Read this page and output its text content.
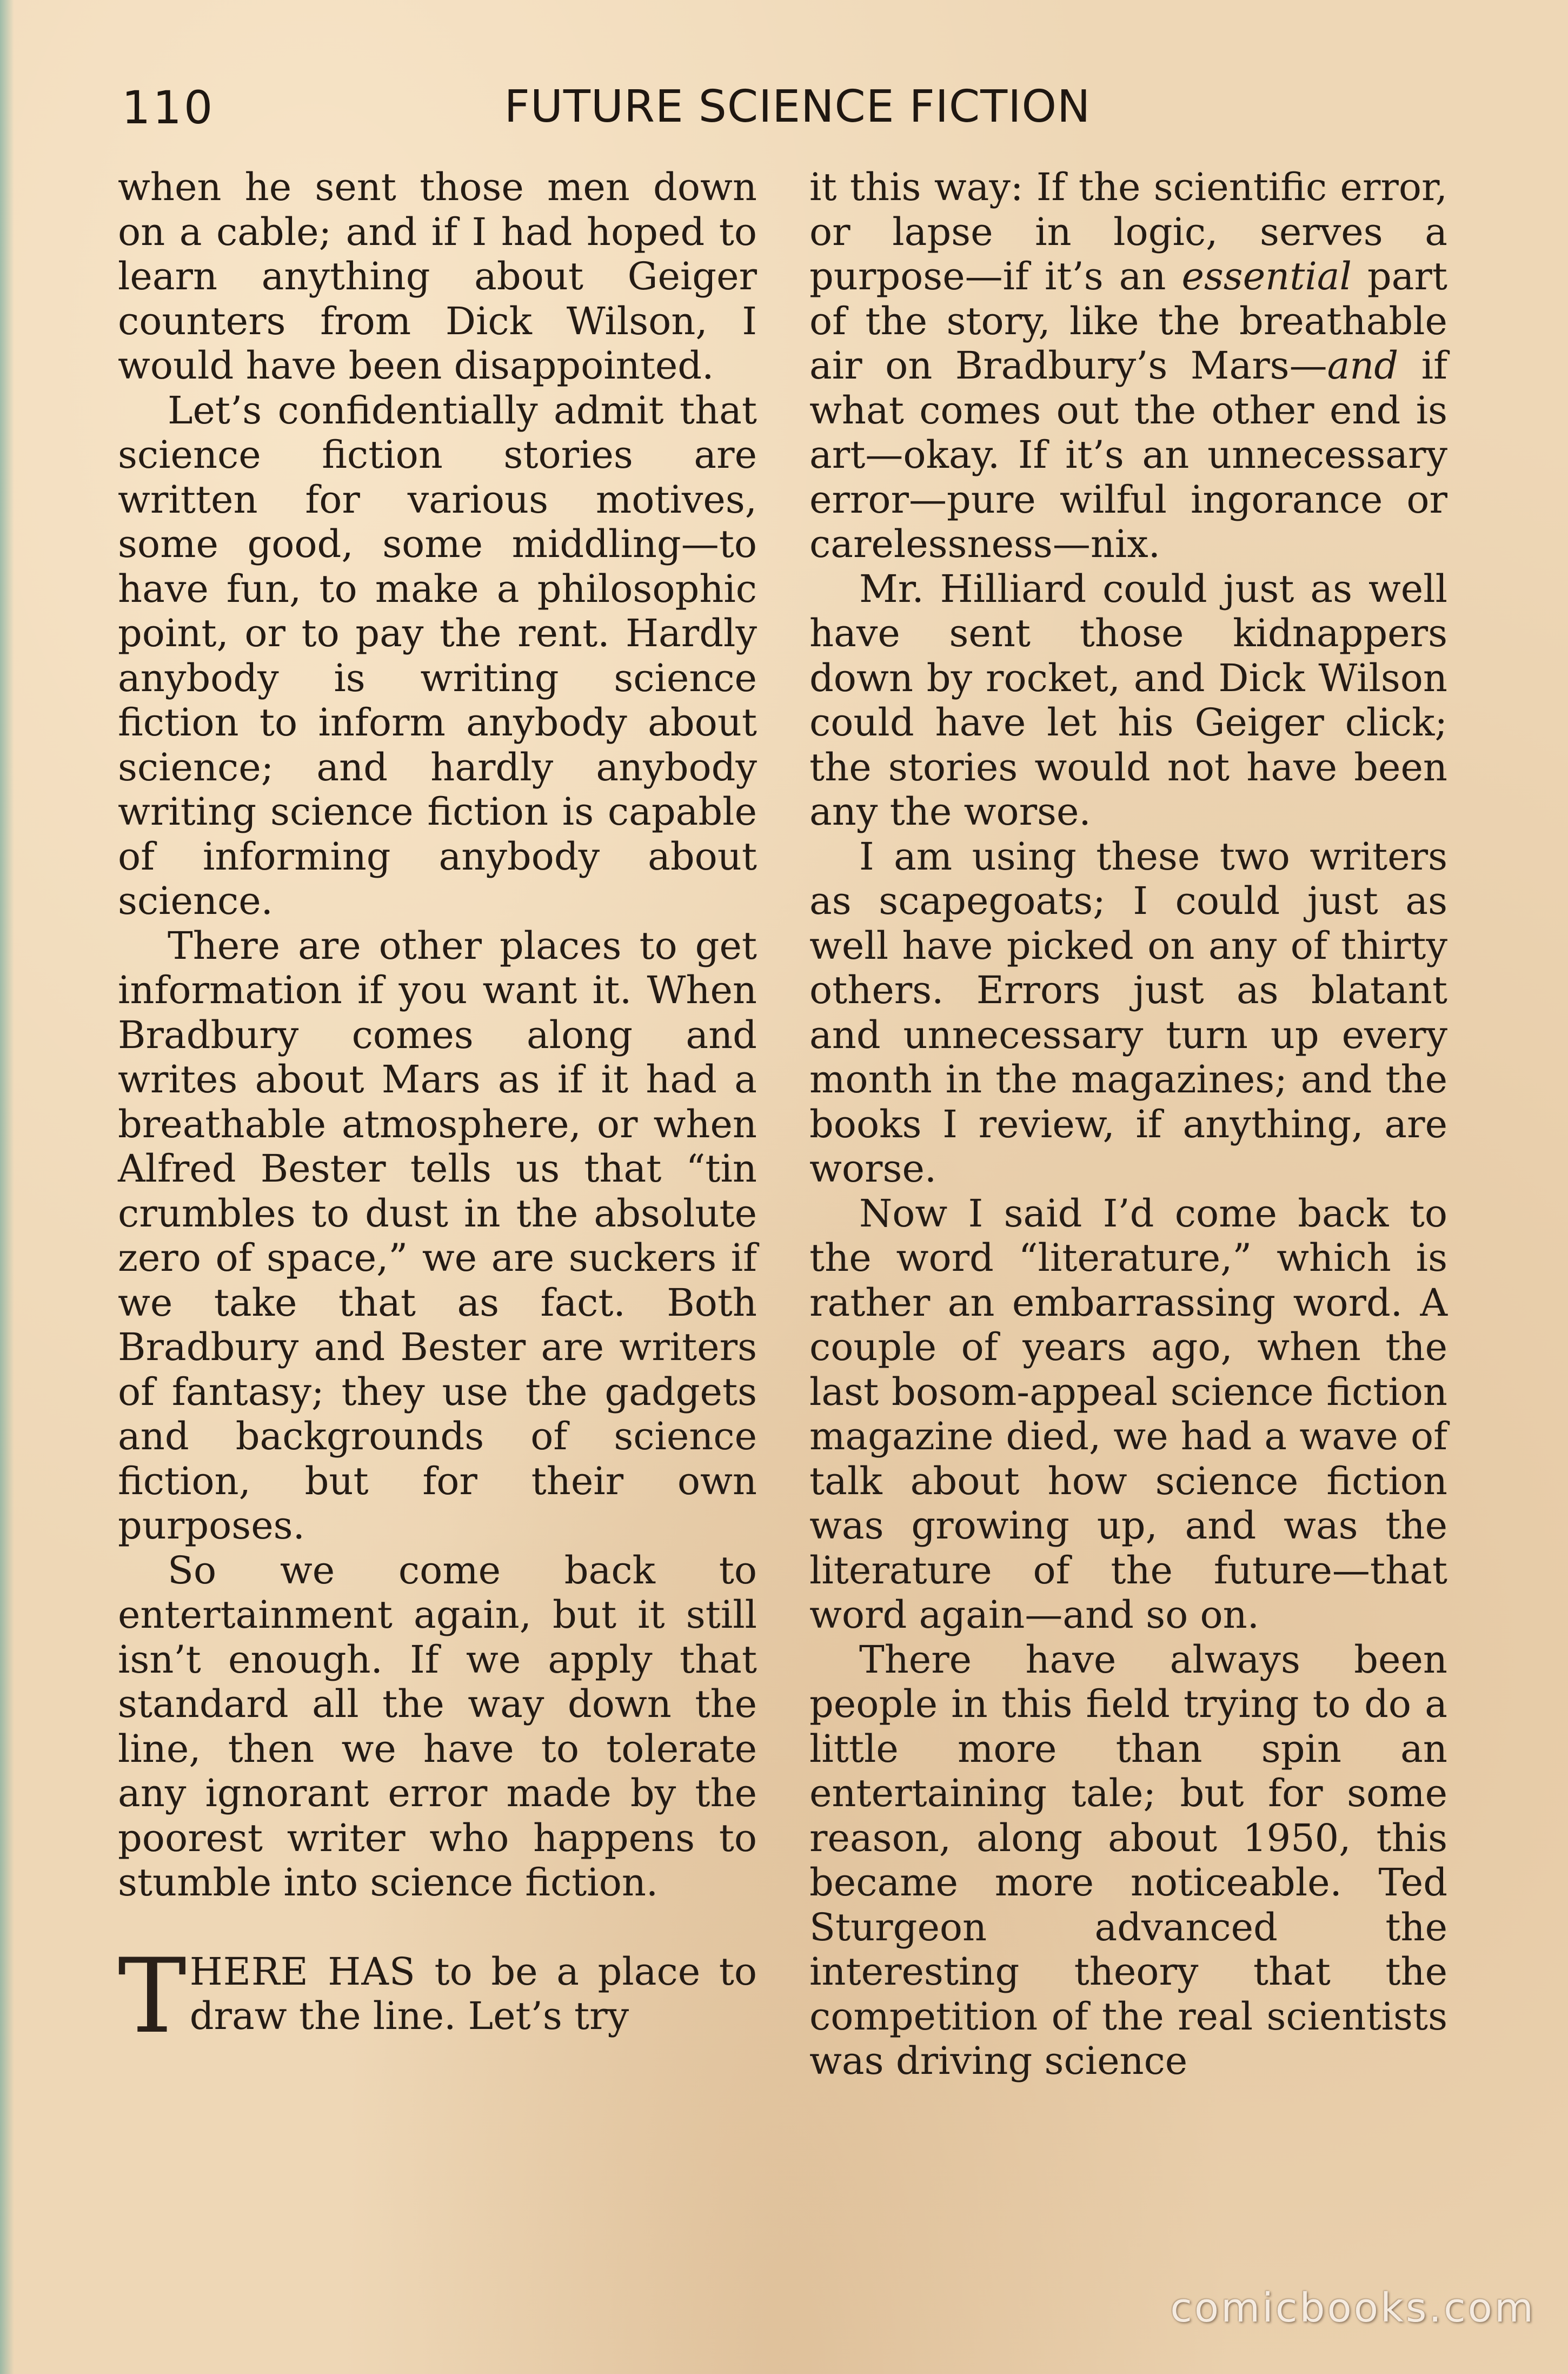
110	FUTURE SCIENCE FICTION

when he sent those men down on a cable; and if I had hoped to learn anything about Geiger counters from Dick Wilson, I would have been disappointed.

Let’s confidentially admit that science fiction stories are written for various motives, some good, some middling—to have fun, to make a philosophic point, or to pay the rent. Hardly anybody is writing science fiction to inform anybody about science; and hardly anybody writing science fiction is capable of informing anybody about science.

There are other places to get information if you want it. When Bradbury comes along and writes about Mars as if it had a breathable atmosphere, or when Alfred Bester tells us that “tin crumbles to dust in the absolute zero of space,” we are suckers if we take that as fact. Both Bradbury and Bester are writers of fantasy; they use the gadgets and backgrounds of science fiction, but for their own purposes.

So we come back to entertainment again, but it still isn’t enough. If we apply that standard all the way down the line, then we have to tolerate any ignorant error made by the poorest writer who happens to stumble into science fiction.

THERE HAS to be a place to draw the line. Let’s try

it this way: If the scientific error, or lapse in logic, serves a purpose—if it’s an essential part of the story, like the breathable air on Bradbury’s Mars—and if what comes out the other end is art—okay. If it’s an unnecessary error—pure wilful ingorance or carelessness—nix.

Mr. Hilliard could just as well have sent those kidnappers down by rocket, and Dick Wilson could have let his Geiger click; the stories would not have been any the worse.

I am using these two writers as scapegoats; I could just as well have picked on any of thirty others. Errors just as blatant and unnecessary turn up every month in the magazines; and the books I review, if anything, are worse.

Now I said I’d come back to the word “literature,” which is rather an embarrassing word. A couple of years ago, when the last bosom-appeal science fiction magazine died, we had a wave of talk about how science fiction was growing up, and was the literature of the future—that word again—and so on.

There have always been people in this field trying to do a little more than spin an entertaining tale; but for some reason, along about 1950, this became more noticeable. Ted Sturgeon advanced the interesting theory that the competition of the real scientists was driving science

comicbooks.com
